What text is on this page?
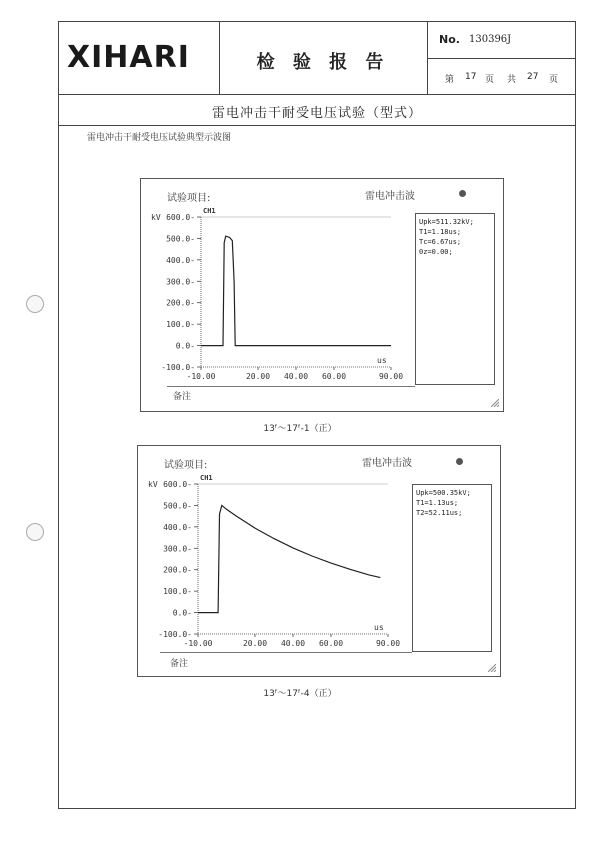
XIHARI	检 验 报 告
No. 130396J
第 17 页 共 27 页
雷电冲击干耐受电压试验（型式）
雷电冲击干耐受电压试验典型示波图
试验项目:	雷电冲击波
kV
CH1
600.0-
500.0-
400.0-
300.0-
200.0-
100.0-
0.0-
-100.0-
-10.00	20.00 40.00 60.00	90.00
us
Upk=511.32kV;
T1=1.18us;
Tc=6.67us;
0z=0.00;
备注
13ᶠ～17ᶠ-1（正）
试验项目:	雷电冲击波
kV
CH1
600.0-
500.0-
400.0-
300.0-
200.0-
100.0-
0.0-
-100.0-
-10.00	20.00 40.00 60.00	90.00
us
Upk=500.35kV;
T1=1.13us;
T2=52.11us;
备注
13ᶠ～17ᶠ-4（正）
